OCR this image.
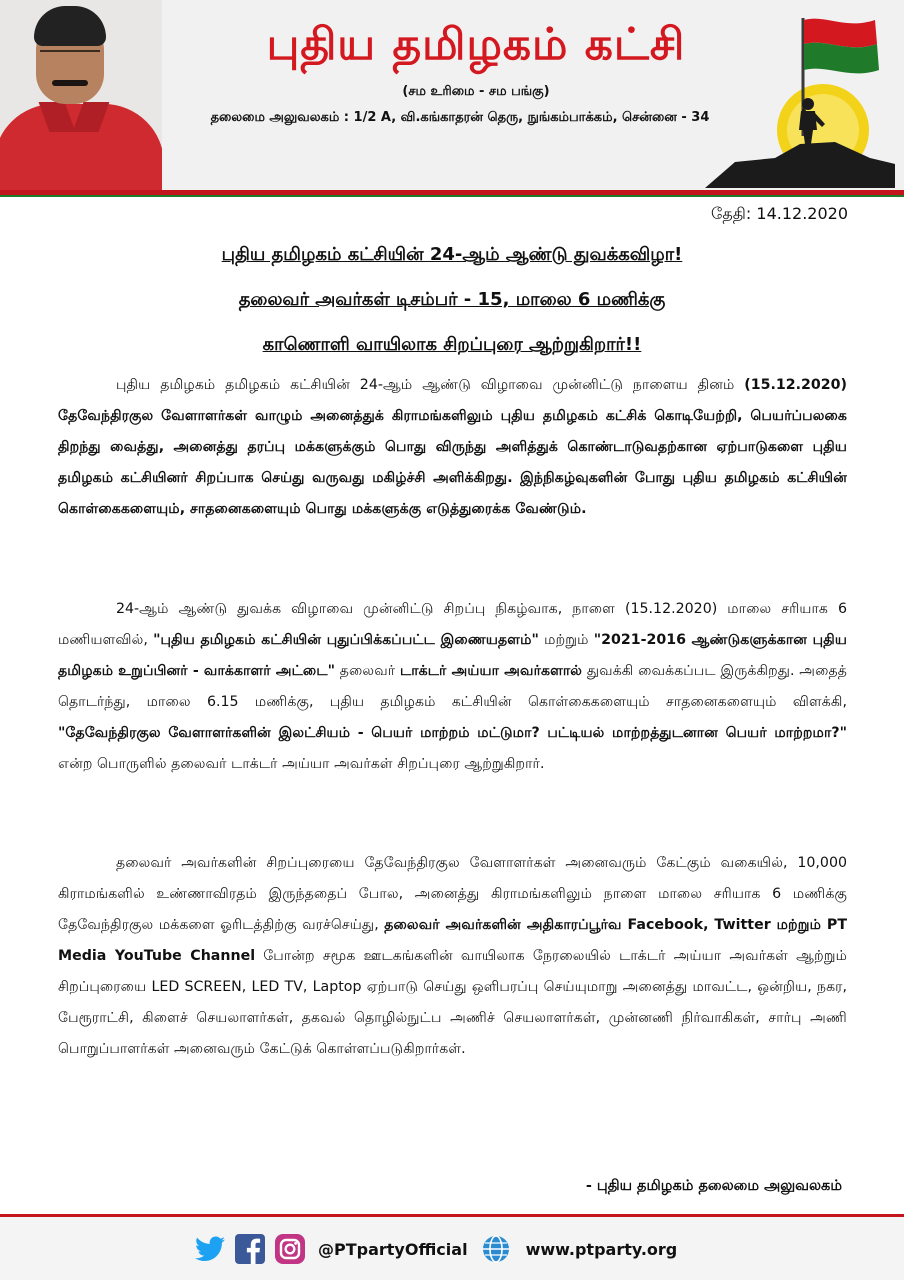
புதிய தமிழகம் கட்சி
(சம உரிமை - சம பங்கு)
தலைமை அலுவலகம் : 1/2 A, வி.கங்காதரன் தெரு, நுங்கம்பாக்கம், சென்னை - 34
தேதி: 14.12.2020
புதிய தமிழகம் கட்சியின் 24-ஆம் ஆண்டு துவக்கவிழா!
தலைவர் அவர்கள் டிசம்பர் - 15, மாலை 6 மணிக்கு
காணொளி வாயிலாக சிறப்புரை ஆற்றுகிறார்!!
புதிய தமிழகம் தமிழகம் கட்சியின் 24-ஆம் ஆண்டு விழாவை முன்னிட்டு நாளைய தினம் (15.12.2020) தேவேந்திரகுல வேளாளர்கள் வாழும் அனைத்துக் கிராமங்களிலும் புதிய தமிழகம் கட்சிக் கொடியேற்றி, பெயர்ப்பலகை திறந்து வைத்து, அனைத்து தரப்பு மக்களுக்கும் பொது விருந்து அளித்துக் கொண்டாடுவதற்கான ஏற்பாடுகளை புதிய தமிழகம் கட்சியினர் சிறப்பாக செய்து வருவது மகிழ்ச்சி அளிக்கிறது. இந்நிகழ்வுகளின் போது புதிய தமிழகம் கட்சியின் கொள்கைகளையும், சாதனைகளையும் பொது மக்களுக்கு எடுத்துரைக்க வேண்டும்.
24-ஆம் ஆண்டு துவக்க விழாவை முன்னிட்டு சிறப்பு நிகழ்வாக, நாளை (15.12.2020) மாலை சரியாக 6 மணியளவில், "புதிய தமிழகம் கட்சியின் புதுப்பிக்கப்பட்ட இணையதளம்" மற்றும் "2021-2016 ஆண்டுகளுக்கான புதிய தமிழகம் உறுப்பினர் - வாக்காளர் அட்டை" தலைவர் டாக்டர் அய்யா அவர்களால் துவக்கி வைக்கப்பட இருக்கிறது. அதைத் தொடர்ந்து, மாலை 6.15 மணிக்கு, புதிய தமிழகம் கட்சியின் கொள்கைகளையும் சாதனைகளையும் விளக்கி, "தேவேந்திரகுல வேளாளர்களின் இலட்சியம் - பெயர் மாற்றம் மட்டுமா? பட்டியல் மாற்றத்துடனான பெயர் மாற்றமா?" என்ற பொருளில் தலைவர் டாக்டர் அய்யா அவர்கள் சிறப்புரை ஆற்றுகிறார்.
தலைவர் அவர்களின் சிறப்புரையை தேவேந்திரகுல வேளாளர்கள் அனைவரும் கேட்கும் வகையில், 10,000 கிராமங்களில் உண்ணாவிரதம் இருந்ததைப் போல, அனைத்து கிராமங்களிலும் நாளை மாலை சரியாக 6 மணிக்கு தேவேந்திரகுல மக்களை ஓரிடத்திற்கு வரச்செய்து, தலைவர் அவர்களின் அதிகாரப்பூர்வ Facebook, Twitter மற்றும் PT Media YouTube Channel போன்ற சமூக ஊடகங்களின் வாயிலாக நேரலையில் டாக்டர் அய்யா அவர்கள் ஆற்றும் சிறப்புரையை LED SCREEN, LED TV, Laptop ஏற்பாடு செய்து ஒளிபரப்பு செய்யுமாறு அனைத்து மாவட்ட, ஒன்றிய, நகர, பேரூராட்சி, கிளைச் செயலாளர்கள், தகவல் தொழில்நுட்ப அணிச் செயலாளர்கள், முன்னணி நிர்வாகிகள், சார்பு அணி பொறுப்பாளர்கள் அனைவரும் கேட்டுக் கொள்ளப்படுகிறார்கள்.
- புதிய தமிழகம் தலைமை அலுவலகம்
@PTpartyOfficial	www.ptparty.org
